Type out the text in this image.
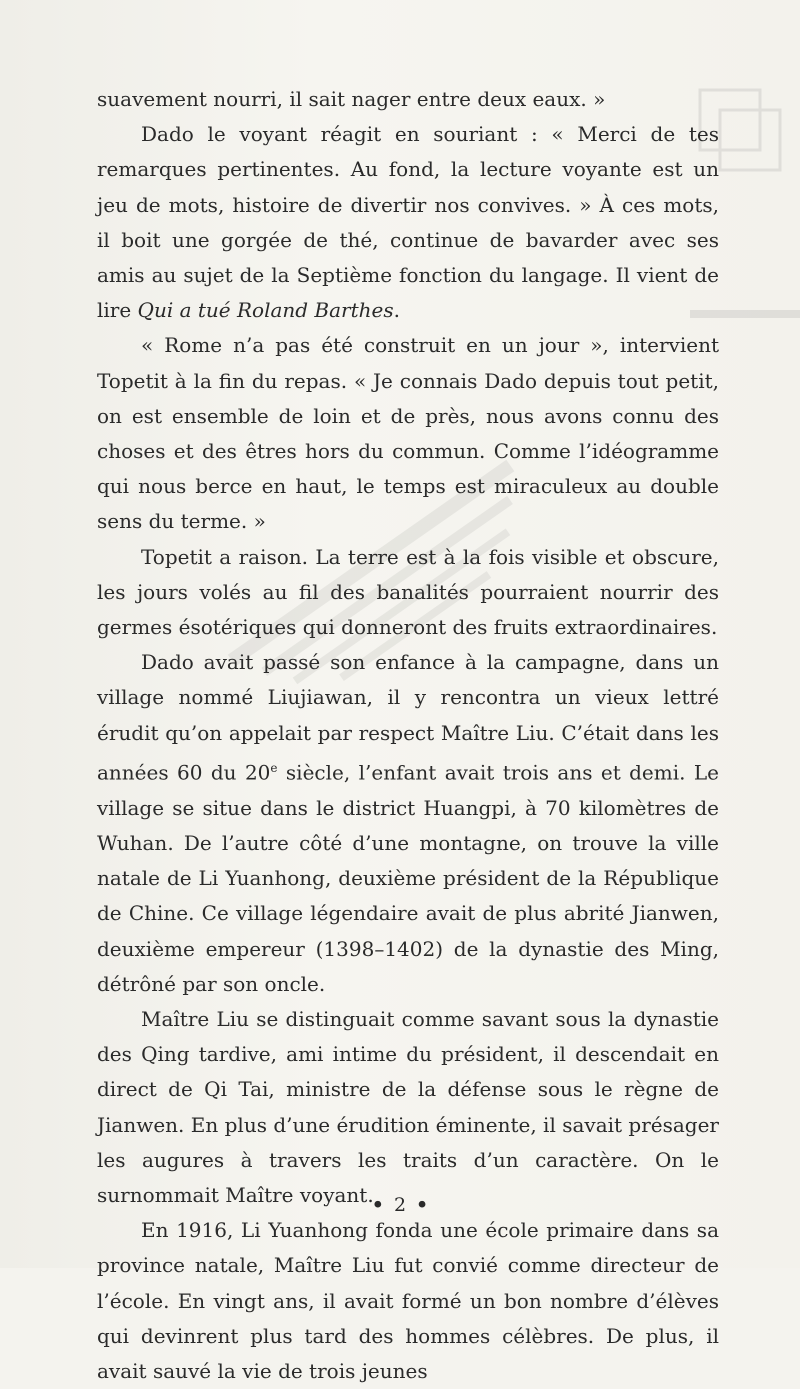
suavement nourri, il sait nager entre deux eaux. »

Dado le voyant réagit en souriant : « Merci de tes remarques pertinentes. Au fond, la lecture voyante est un jeu de mots, histoire de divertir nos convives. » À ces mots, il boit une gorgée de thé, continue de bavarder avec ses amis au sujet de la Septième fonction du langage. Il vient de lire Qui a tué Roland Barthes.

« Rome n’a pas été construit en un jour », intervient Topetit à la fin du repas. « Je connais Dado depuis tout petit, on est ensemble de loin et de près, nous avons connu des choses et des êtres hors du commun. Comme l’idéogramme qui nous berce en haut, le temps est miraculeux au double sens du terme. »

Topetit a raison. La terre est à la fois visible et obscure, les jours volés au fil des banalités pourraient nourrir des germes ésotériques qui donneront des fruits extraordinaires.

Dado avait passé son enfance à la campagne, dans un village nommé Liujiawan, il y rencontra un vieux lettré érudit qu’on appelait par respect Maître Liu. C’était dans les années 60 du 20e siècle, l’enfant avait trois ans et demi. Le village se situe dans le district Huangpi, à 70 kilomètres de Wuhan. De l’autre côté d’une montagne, on trouve la ville natale de Li Yuanhong, deuxième président de la République de Chine. Ce village légendaire avait de plus abrité Jianwen, deuxième empereur (1398–1402) de la dynastie des Ming, détrôné par son oncle.

Maître Liu se distinguait comme savant sous la dynastie des Qing tardive, ami intime du président, il descendait en direct de Qi Tai, ministre de la défense sous le règne de Jianwen. En plus d’une érudition éminente, il savait présager les augures à travers les traits d’un caractère. On le surnommait Maître voyant.

En 1916, Li Yuanhong fonda une école primaire dans sa province natale, Maître Liu fut convié comme directeur de l’école. En vingt ans, il avait formé un bon nombre d’élèves qui devinrent plus tard des hommes célèbres. De plus, il avait sauvé la vie de trois jeunes

• 2 •
